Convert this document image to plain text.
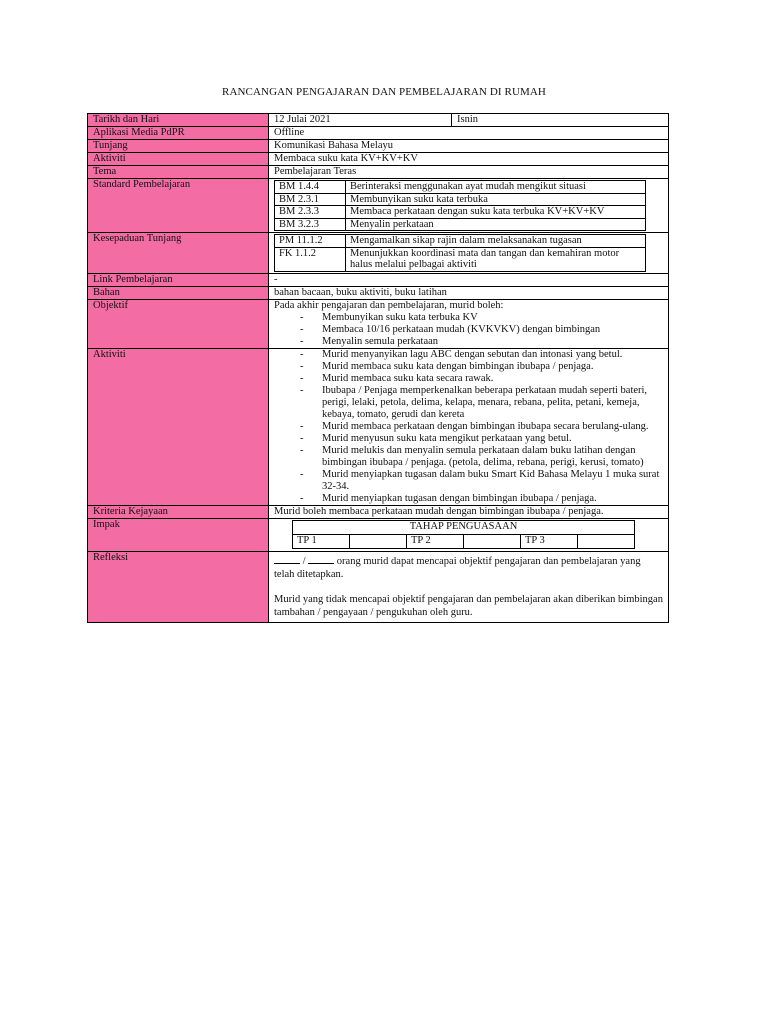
RANCANGAN PENGAJARAN DAN PEMBELAJARAN DI RUMAH
Tarikh dan Hari		12 Julai 2021	Isnin

Aplikasi Media PdPR	Offline
Tunjang	Komunikasi Bahasa Melayu
Aktiviti	Membaca suku kata KV+KV+KV
Tema	Pembelajaran Teras
Standard Pembelajaran		BM 1.4.4	Berinteraksi menggunakan ayat mudah mengikut situasi
BM 2.3.1	Membunyikan suku kata terbuka
BM 2.3.3	Membaca perkataan dengan suku kata terbuka KV+KV+KV
BM 3.2.3	Menyalin perkataan

Kesepaduan Tunjang		PM 11.1.2	Mengamalkan sikap rajin dalam melaksanakan tugasan
FK 1.1.2	Menunjukkan koordinasi mata dan tangan dan kemahiran motor halus melalui pelbagai aktiviti

Link Pembelajaran	-
Bahan	bahan bacaan, buku aktiviti, buku latihan
Objektif	Pada akhir pengajaran dan pembelajaran, murid boleh:
- Membunyikan suku kata terbuka KV
- Membaca 10/16 perkataan mudah (KVKVKV) dengan bimbingan
- Menyalin semula perkataan

Aktiviti	
-Murid menyanyikan lagu ABC dengan sebutan dan intonasi yang betul.
- Murid membaca suku kata dengan bimbingan ibubapa / penjaga.
- Murid membaca suku kata secara rawak.
- Ibubapa / Penjaga memperkenalkan beberapa perkataan mudah seperti bateri, perigi, lelaki, petola, delima, kelapa, menara, rebana, pelita, petani, kemeja, kebaya, tomato, gerudi dan kereta
- Murid membaca perkataan dengan bimbingan ibubapa secara berulang-ulang.
- Murid menyusun suku kata mengikut perkataan yang betul.
- Murid melukis dan menyalin semula perkataan dalam buku latihan dengan bimbingan ibubapa / penjaga. (petola, delima, rebana, perigi, kerusi, tomato)
- Murid menyiapkan tugasan dalam buku Smart Kid Bahasa Melayu 1 muka surat 32-34.
- Murid menyiapkan tugasan dengan bimbingan ibubapa / penjaga.

Kriteria Kejayaan	Murid boleh membaca perkataan mudah dengan bimbingan ibubapa / penjaga.
Impak		TAHAP PENGUASAAN
TP 1		TP 2		TP 3	

Refleksi	/	orang murid dapat mencapai objektif pengajaran dan pembelajaran yang telah ditetapkan.
Murid yang tidak mencapai objektif pengajaran dan pembelajaran akan diberikan bimbingan tambahan / pengayaan / pengukuhan oleh guru.
